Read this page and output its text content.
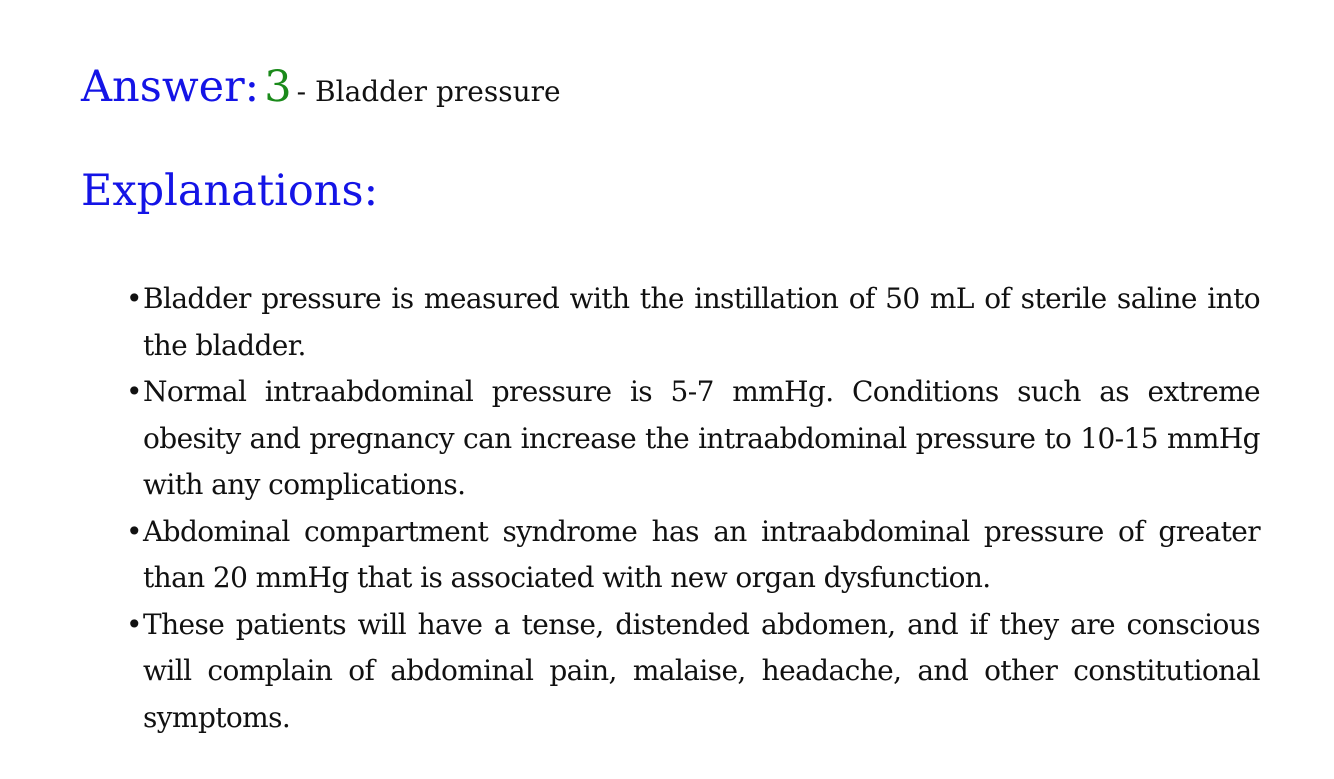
Answer: 3 - Bladder pressure
Explanations:
• Bladder pressure is measured with the instillation of 50 mL of sterile saline into the bladder.
• Normal intraabdominal pressure is 5-7 mmHg. Conditions such as extreme obesity and pregnancy can increase the intraabdominal pressure to 10-15 mmHg with any complications.
• Abdominal compartment syndrome has an intraabdominal pressure of greater than 20 mmHg that is associated with new organ dysfunction.
• These patients will have a tense, distended abdomen, and if they are conscious will complain of abdominal pain, malaise, headache, and other constitutional symptoms.
